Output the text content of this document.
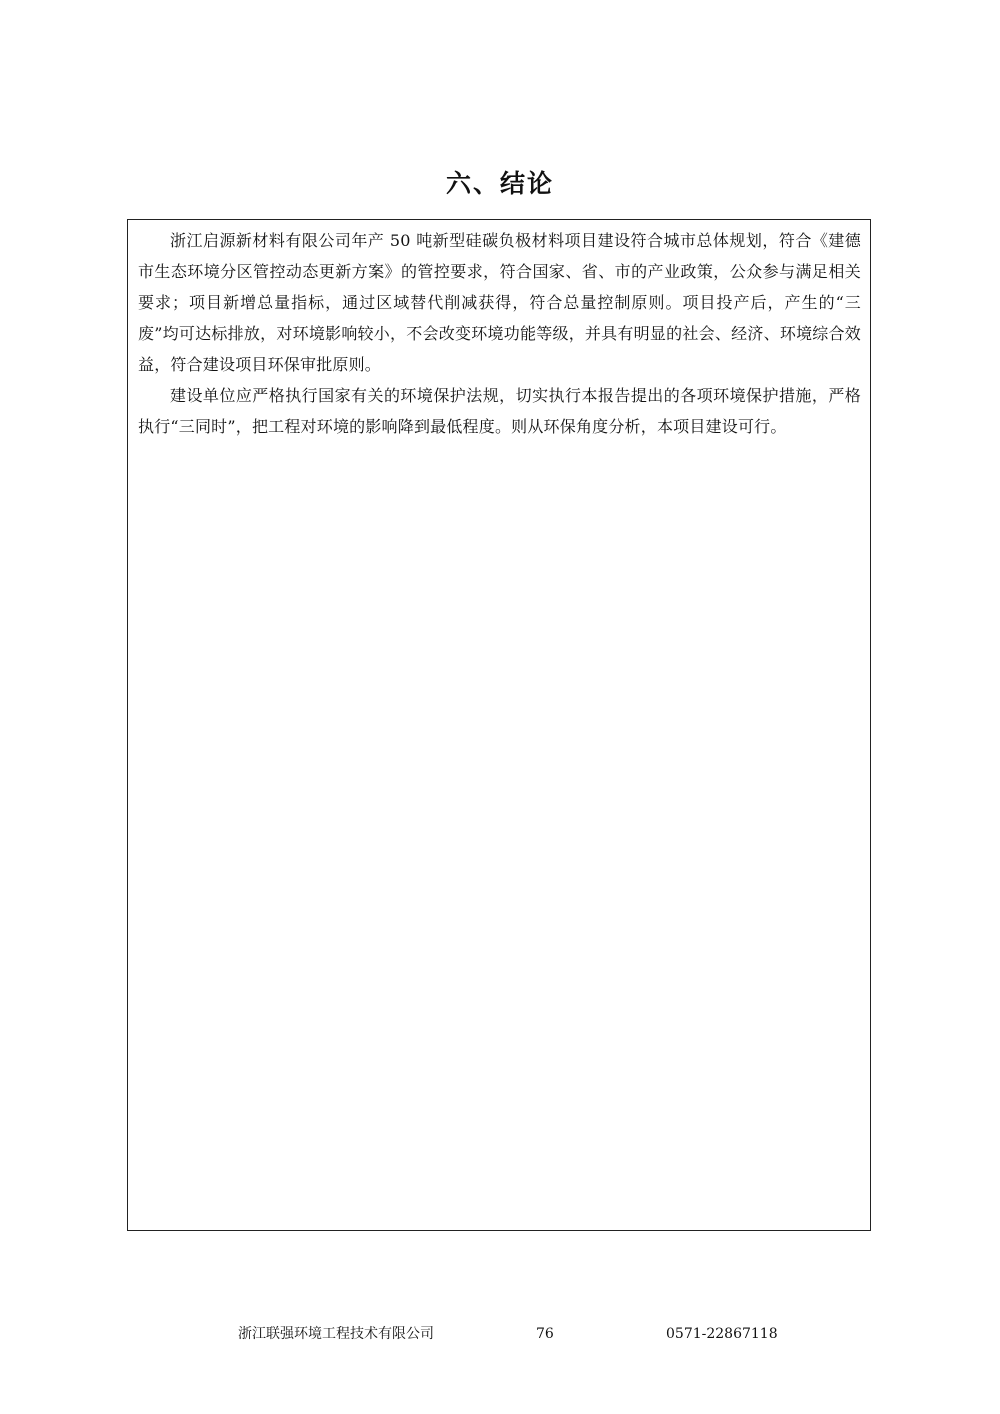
六、结论

浙江启源新材料有限公司年产 50 吨新型硅碳负极材料项目建设符合城市总体规划，符合《建德市生态环境分区管控动态更新方案》的管控要求，符合国家、省、市的产业政策，公众参与满足相关要求；项目新增总量指标，通过区域替代削减获得，符合总量控制原则。项目投产后，产生的“三废”均可达标排放，对环境影响较小，不会改变环境功能等级，并具有明显的社会、经济、环境综合效益，符合建设项目环保审批原则。

建设单位应严格执行国家有关的环境保护法规，切实执行本报告提出的各项环境保护措施，严格执行“三同时”，把工程对环境的影响降到最低程度。则从环保角度分析，本项目建设可行。

浙江联强环境工程技术有限公司	76	0571-22867118
